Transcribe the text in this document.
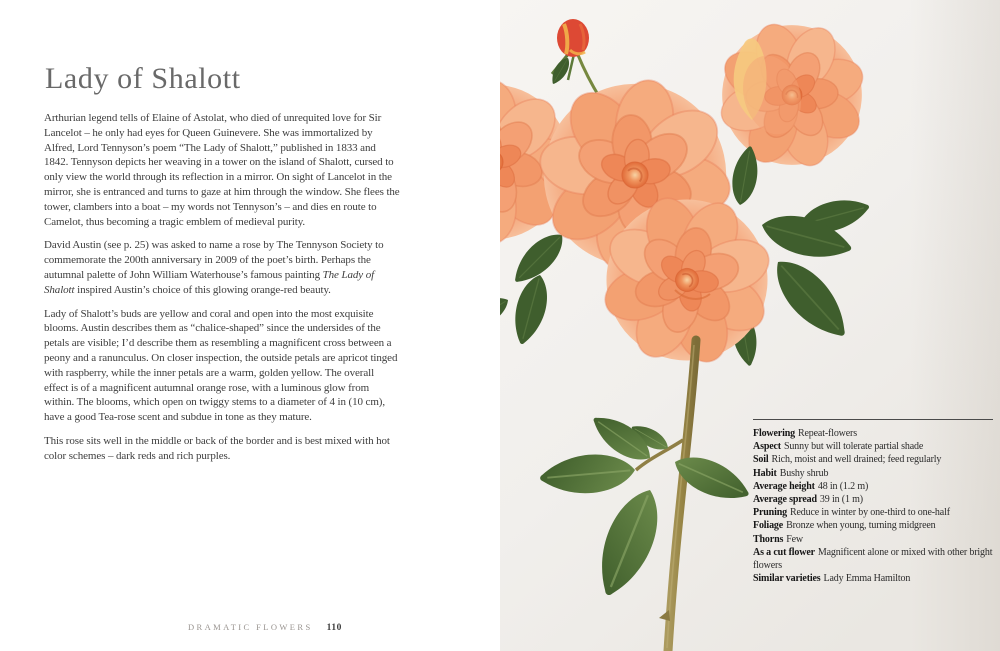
Lady of Shalott

Arthurian legend tells of Elaine of Astolat, who died of unrequited love for Sir Lancelot – he only had eyes for Queen Guinevere. She was immortalized by Alfred, Lord Tennyson’s poem “The Lady of Shalott,” published in 1833 and 1842. Tennyson depicts her weaving in a tower on the island of Shalott, cursed to only view the world through its reflection in a mirror. On sight of Lancelot in the mirror, she is entranced and turns to gaze at him through the window. She flees the tower, clambers into a boat – my words not Tennyson’s – and dies en route to Camelot, thus becoming a tragic emblem of medieval purity.

David Austin (see p. 25) was asked to name a rose by The Tennyson Society to commemorate the 200th anniversary in 2009 of the poet’s birth. Perhaps the autumnal palette of John William Waterhouse’s famous painting The Lady of Shalott inspired Austin’s choice of this glowing orange-red beauty.

Lady of Shalott’s buds are yellow and coral and open into the most exquisite blooms. Austin describes them as “chalice-shaped” since the undersides of the petals are visible; I’d describe them as resembling a magnificent cross between a peony and a ranunculus. On closer inspection, the outside petals are apricot tinged with raspberry, while the inner petals are a warm, golden yellow. The overall effect is of a magnificent autumnal orange rose, with a luminous glow from within. The blooms, which open on twiggy stems to a diameter of 4 in (10 cm), have a good Tea-rose scent and subdue in tone as they mature.

This rose sits well in the middle or back of the border and is best mixed with hot color schemes – dark reds and rich purples.

DRAMATIC FLOWERS 110

Flowering Repeat-flowers

Aspect Sunny but will tolerate partial shade

Soil Rich, moist and well drained; feed regularly

Habit Bushy shrub

Average height 48 in (1.2 m)

Average spread 39 in (1 m)

Pruning Reduce in winter by one-third to one-half

Foliage Bronze when young, turning midgreen

Thorns Few

As a cut flower Magnificent alone or mixed with other bright flowers

Similar varieties Lady Emma Hamilton
